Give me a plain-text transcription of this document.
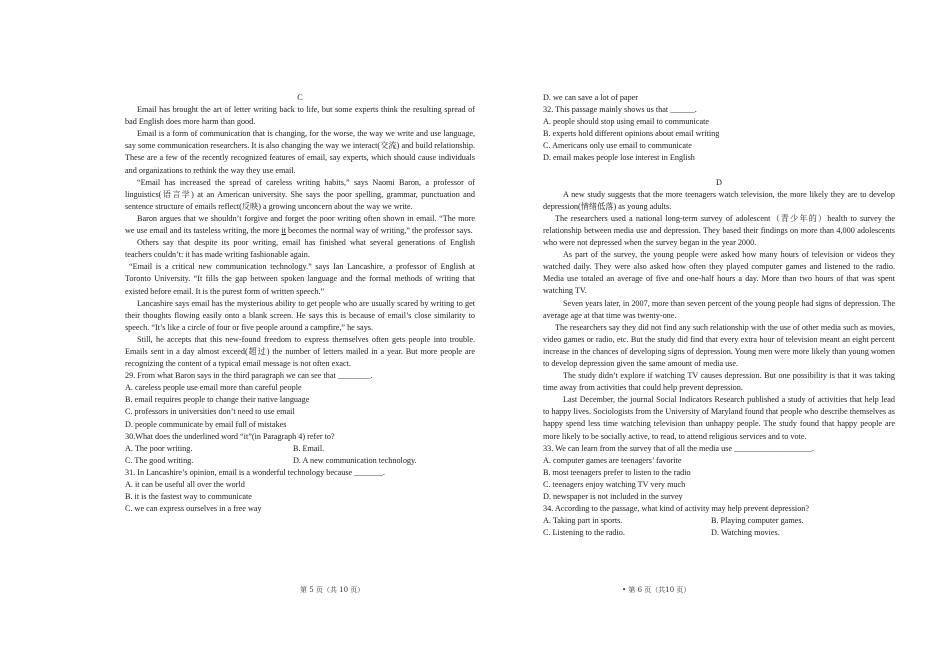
C

Email has brought the art of letter writing back to life, but some experts think the resulting spread of bad English does more harm than good.

Email is a form of communication that is changing, for the worse, the way we write and use language, say some communication researchers. It is also changing the way we interact(交流) and build relationship. These are a few of the recently recognized features of email, say experts, which should cause individuals and organizations to rethink the way they use email.

“Email has increased the spread of careless writing habits,” says Naomi Baron, a professor of linguistics(语言学) at an American university. She says the poor spelling, grammar, punctuation and sentence structure of emails reflect(反映) a growing unconcern about the way we write.

Baron argues that we shouldn’t forgive and forget the poor writing often shown in email. “The more we use email and its tasteless writing, the more it becomes the normal way of writing,” the professor says.

Others say that despite its poor writing, email has finished what several generations of English teachers couldn’t: it has made writing fashionable again.

“Email is a critical new communication technology.” says Ian Lancashire, a professor of English at Toronto University. “It fills the gap between spoken language and the formal methods of writing that existed before email. It is the purest form of written speech.”

Lancashire says email has the mysterious ability to get people who are usually scared by writing to get their thoughts flowing easily onto a blank screen. He says this is because of email’s close similarity to speech. “It’s like a circle of four or five people around a campfire,” he says.

Still, he accepts that this new-found freedom to express themselves often gets people into trouble. Emails sent in a day almost exceed(超过) the number of letters mailed in a year. But more people are recognizing the content of a typical email message is not often exact.

29. From what Baron says in the third paragraph we can see that ________.

A. careless people use email more than careful people

B. email requires people to change their native language

C. professors in universities don’t need to use email

D. people communicate by email full of mistakes

30.What does the underlined word “it”(in Paragraph 4) refer to?

A. The poor writing.	B. Email.
C. The good writing.	D. A new communication technology.

31. In Lancashire’s opinion, email is a wonderful technology because _______.

A. it can be useful all over the world

B. it is the fastest way to communicate

C. we can express ourselves in a free way

D. we can save a lot of paper

32. This passage mainly shows us that ______.

A. people should stop using email to communicate

B. experts hold different opinions about email writing

C. Americans only use email to communicate

D. email makes people lose interest in English

D

A new study suggests that the more teenagers watch television, the more likely they are to develop depression(情绪低落) as young adults.

The researchers used a national long-term survey of adolescent（青少年的）health to survey the relationship between media use and depression. They based their findings on more than 4,000 adolescents who were not depressed when the survey began in the year 2000.

As part of the survey, the young people were asked how many hours of television or videos they watched daily. They were also asked how often they played computer games and listened to the radio. Media use totaled an average of five and one-half hours a day. More than two hours of that was spent watching TV.

Seven years later, in 2007, more than seven percent of the young people had signs of depression. The average age at that time was twenty-one.

The researchers say they did not find any such relationship with the use of other media such as movies, video games or radio, etc. But the study did find that every extra hour of television meant an eight percent increase in the chances of developing signs of depression. Young men were more likely than young women to develop depression given the same amount of media use.

The study didn’t explore if watching TV causes depression. But one possibility is that it was taking time away from activities that could help prevent depression.

Last December, the journal Social Indicators Research published a study of activities that help lead to happy lives. Sociologists from the University of Maryland found that people who describe themselves as happy spend less time watching television than unhappy people. The study found that happy people are more likely to be socially active, to read, to attend religious services and to vote.

33. We can learn from the survey that of all the media use ___________________.

A. computer games are teenagers’ favorite

B. most teenagers prefer to listen to the radio

C. teenagers enjoy watching TV very much

D. newspaper is not included in the survey

34. According to the passage, what kind of activity may help prevent depression?

A. Taking part in sports.	B. Playing computer games.
C. Listening to the radio.	D. Watching movies.
第 5 页（共 10 页）	• 第 6 页（共10 页）
